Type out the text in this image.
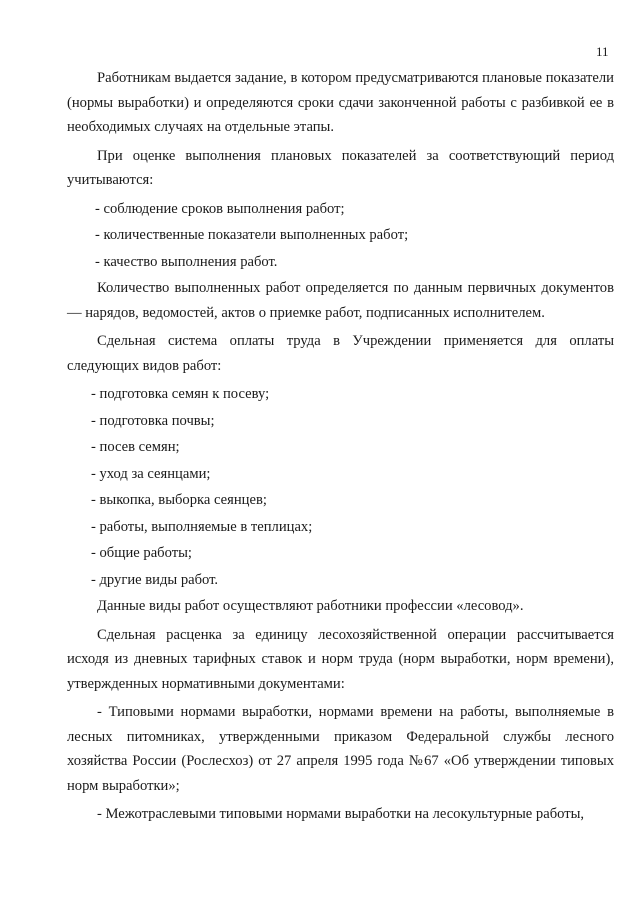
11

Работникам выдается задание, в котором предусматриваются плановые показатели (нормы выработки) и определяются сроки сдачи законченной работы с разбивкой ее в необходимых случаях на отдельные этапы.

При оценке выполнения плановых показателей за соответствующий период учитываются:

- соблюдение сроков выполнения работ;

- количественные показатели выполненных работ;

- качество выполнения работ.

Количество выполненных работ определяется по данным первичных документов — нарядов, ведомостей, актов о приемке работ, подписанных исполнителем.

Сдельная система оплаты труда в Учреждении применяется для оплаты следующих видов работ:

- подготовка семян к посеву;

- подготовка почвы;

- посев семян;

- уход за сеянцами;

- выкопка, выборка сеянцев;

- работы, выполняемые в теплицах;

- общие работы;

- другие виды работ.

Данные виды работ осуществляют работники профессии «лесовод».

Сдельная расценка за единицу лесохозяйственной операции рассчитывается исходя из дневных тарифных ставок и норм труда (норм выработки, норм времени), утвержденных нормативными документами:

- Типовыми нормами выработки, нормами времени на работы, выполняемые в лесных питомниках, утвержденными приказом Федеральной службы лесного хозяйства России (Рослесхоз) от 27 апреля 1995 года №67 «Об утверждении типовых норм выработки»;

- Межотраслевыми типовыми нормами выработки на лесокультурные работы,
